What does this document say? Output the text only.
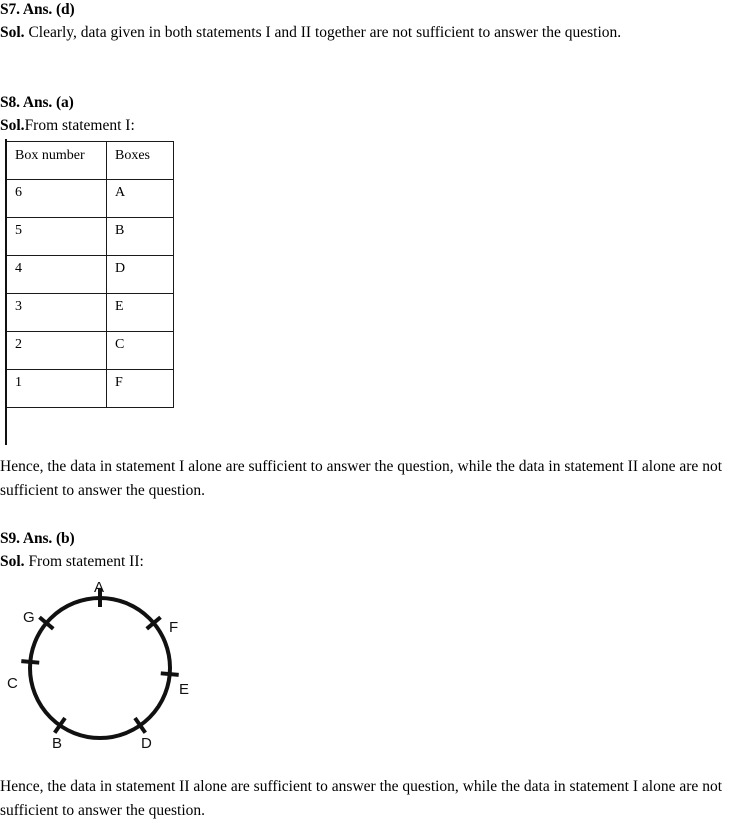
S7. Ans. (d)
Sol. Clearly, data given in both statements I and II together are not sufficient to answer the question.
S8. Ans. (a)
Sol.From statement I:
Box number	Boxes
6	A
5	B
4	D
3	E
2	C
1	F
Hence, the data in statement I alone are sufficient to answer the question, while the data in statement II alone are not sufficient to answer the question.
S9. Ans. (b)
Sol. From statement II:
A
F
E
D
B
C
G
Hence, the data in statement II alone are sufficient to answer the question, while the data in statement I alone are not sufficient to answer the question.
